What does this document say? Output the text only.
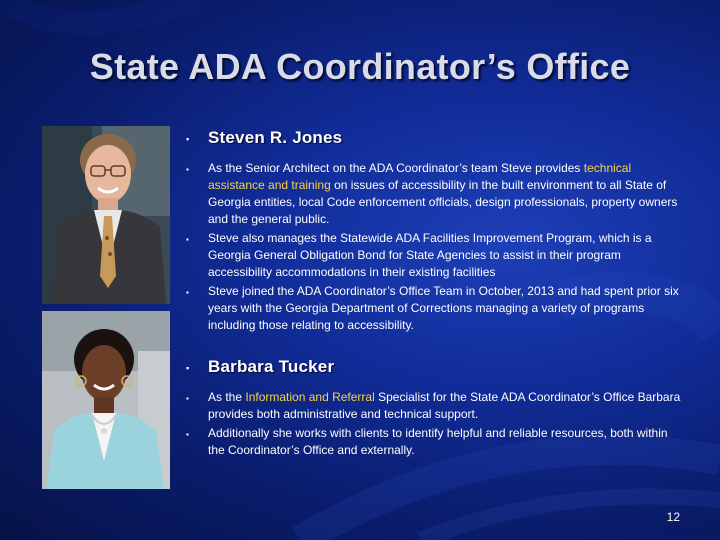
State ADA Coordinator’s Office
▪ Steven R. Jones
▪ As the Senior Architect on the ADA Coordinator’s team Steve provides technical assistance and training on issues of accessibility in the built environment to all State of Georgia entities, local Code enforcement officials, design professionals, property owners and the general public.
▪ Steve also manages the Statewide ADA Facilities Improvement Program, which is a Georgia General Obligation Bond for State Agencies to assist in their program accessibility accommodations in their existing facilities
▪ Steve joined the ADA Coordinator’s Office Team in October, 2013 and had spent prior six years with the Georgia Department of Corrections managing a variety of programs including those relating to accessibility.
▪ Barbara Tucker
▪ As the Information and Referral Specialist for the State ADA Coordinator’s Office Barbara provides both administrative and technical support.
▪ Additionally she works with clients to identify helpful and reliable resources, both within the Coordinator’s Office and externally.
12
